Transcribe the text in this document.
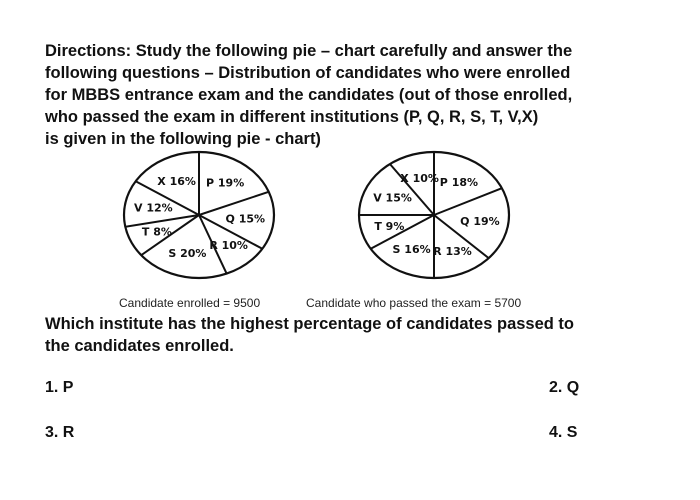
Directions: Study the following pie – chart carefully and answer the
following questions – Distribution of candidates who were enrolled
for MBBS entrance exam and the candidates (out of those enrolled,
who passed the exam in different institutions (P, Q, R, S, T, V,X)
is given in the following pie - chart)
P 19%
Q 15%
R 10%
S 20%
T 8%
V 12%
X 16%	P 18%
Q 19%
R 13%
S 16%
T 9%
V 15%
X 10%
Candidate enrolled = 9500	Candidate who passed the exam = 5700
Which institute has the highest percentage of candidates passed to
the candidates enrolled.
1. P	2. Q
3. R	4. S
